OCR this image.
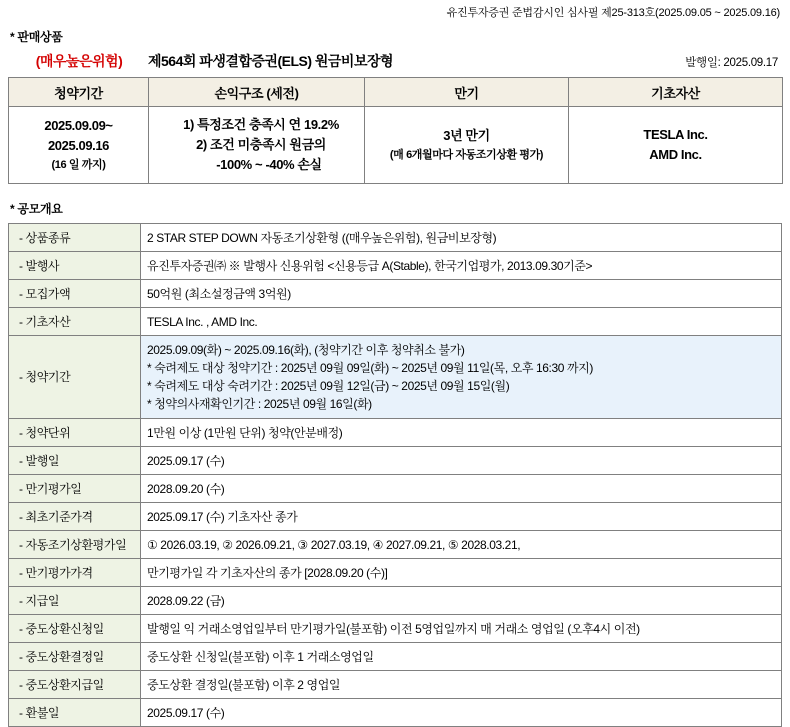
유진투자증권 준법감시인 심사필 제25-313호(2025.09.05 ~ 2025.09.16)
* 판매상품
(매우높은위험)	제564회 파생결합증권(ELS) 원금비보장형	발행일: 2025.09.17
청약기간	손익구조 (세전)	만기	기초자산

2025.09.09~
2025.09.16
(16 일 까지)	1) 특정조건 충족시 연 19.2%
2) 조건 미충족시 원금의
-100% ~ -40% 손실	3년 만기
(매 6개월마다 자동조기상환 평가)	TESLA Inc.
AMD Inc.
* 공모개요
- 상품종류	2 STAR STEP DOWN 자동조기상환형 ((매우높은위험), 원금비보장형)
- 발행사	유진투자증권㈜ ※ 발행사 신용위험 <신용등급 A(Stable), 한국기업평가, 2013.09.30기준>
- 모집가액	50억원 (최소설정금액 3억원)
- 기초자산	TESLA Inc. , AMD Inc.
- 청약기간	2025.09.09(화) ~ 2025.09.16(화), (청약기간 이후 청약취소 불가)
* 숙려제도 대상 청약기간 : 2025년 09월 09일(화) ~ 2025년 09월 11일(목, 오후 16:30 까지)
* 숙려제도 대상 숙려기간 : 2025년 09월 12일(금) ~ 2025년 09월 15일(월)
* 청약의사재확인기간 : 2025년 09월 16일(화)

- 청약단위	1만원 이상 (1만원 단위) 청약(안분배정)
- 발행일	2025.09.17 (수)
- 만기평가일	2028.09.20 (수)
- 최초기준가격	2025.09.17 (수) 기초자산 종가
- 자동조기상환평가일	① 2026.03.19, ② 2026.09.21, ③ 2027.03.19, ④ 2027.09.21, ⑤ 2028.03.21,
- 만기평가가격	만기평가일 각 기초자산의 종가 [2028.09.20 (수)]
- 지급일	2028.09.22 (금)
- 중도상환신청일	발행일 익 거래소영업일부터 만기평가일(불포함) 이전 5영업일까지 매 거래소 영업일 (오후4시 이전)
- 중도상환결정일	중도상환 신청일(불포함) 이후 1 거래소영업일
- 중도상환지급일	중도상환 결정일(불포함) 이후 2 영업일
- 환불일	2025.09.17 (수)
